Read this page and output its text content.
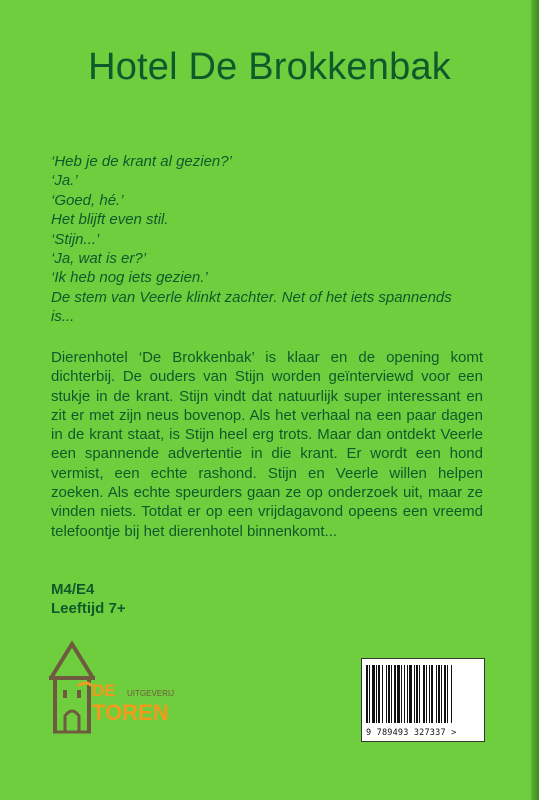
Hotel De Brokkenbak
‘Heb je de krant al gezien?’
‘Ja.’
‘Goed, hé.’
Het blijft even stil.
‘Stijn...’
‘Ja, wat is er?’
‘Ik heb nog iets gezien.’
De stem van Veerle klinkt zachter. Net of het iets spannends
is...
Dierenhotel ‘De Brokkenbak’ is klaar en de opening komt dichterbij. De ouders van Stijn worden geïnterviewd voor een stukje in de krant. Stijn vindt dat natuurlijk super interessant en zit er met zijn neus bovenop. Als het verhaal na een paar dagen in de krant staat, is Stijn heel erg trots. Maar dan ontdekt Veerle een spannende advertentie in die krant. Er wordt een hond vermist, een echte rashond. Stijn en Veerle willen helpen zoeken. Als echte speurders gaan ze op onderzoek uit, maar ze vinden niets. Totdat er op een vrijdagavond opeens een vreemd telefoontje bij het dierenhotel binnenkomt...
M4/E4
Leeftijd 7+
DE UITGEVERIJ
TOREN
9 789493 327337 >
